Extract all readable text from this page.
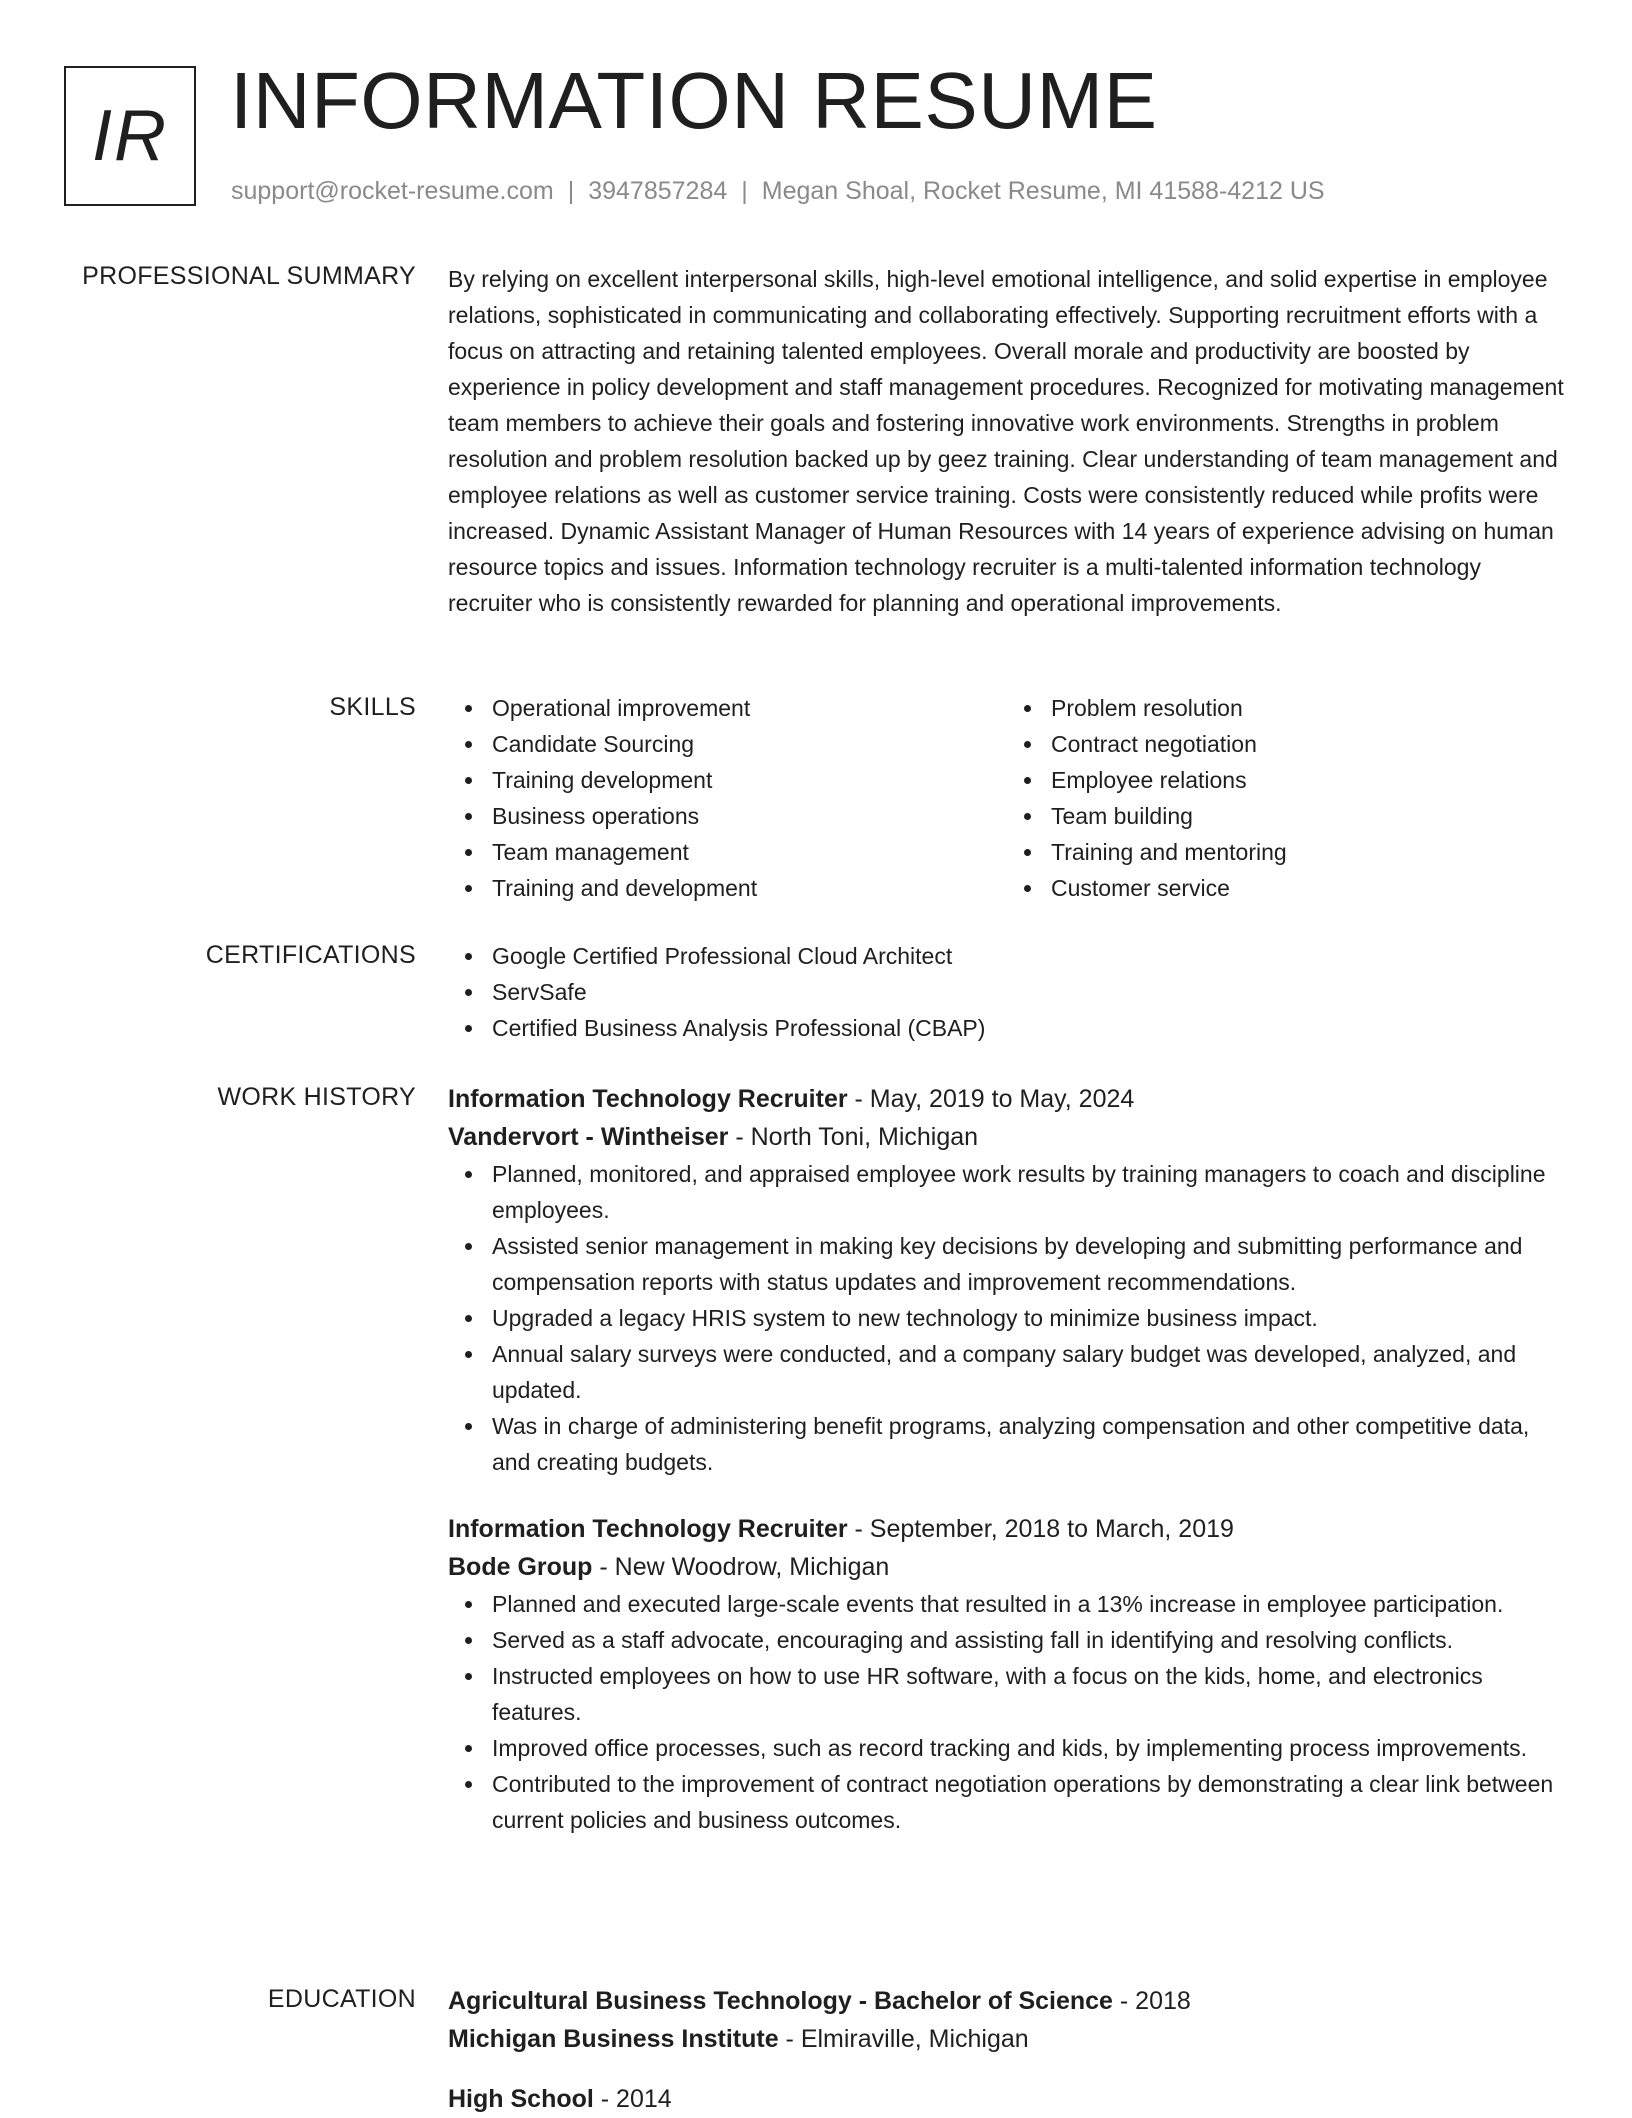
IR INFORMATION RESUME
support@rocket-resume.com | 3947857284 | Megan Shoal, Rocket Resume, MI 41588-4212 US
PROFESSIONAL SUMMARY By relying on excellent interpersonal skills, high-level emotional intelligence, and solid expertise in employee relations, sophisticated in communicating and collaborating effectively. Supporting recruitment efforts with a focus on attracting and retaining talented employees. Overall morale and productivity are boosted by experience in policy development and staff management procedures. Recognized for motivating management team members to achieve their goals and fostering innovative work environments. Strengths in problem resolution and problem resolution backed up by geez training. Clear understanding of team management and employee relations as well as customer service training. Costs were consistently reduced while profits were increased. Dynamic Assistant Manager of Human Resources with 14 years of experience advising on human resource topics and issues. Information technology recruiter is a multi-talented information technology recruiter who is consistently rewarded for planning and operational improvements.

SKILLS	Operational improvement
Candidate Sourcing
Training development
Business operations
Team management
Training and development
Problem resolution
Contract negotiation
Employee relations
Team building
Training and mentoring
Customer service
CERTIFICATIONS	Google Certified Professional Cloud Architect
ServSafe
Certified Business Analysis Professional (CBAP)
WORK HISTORY Information Technology Recruiter - May, 2019 to May, 2024

Vandervort - Wintheiser - North Toni, Michigan

Planned, monitored, and appraised employee work results by training managers to coach and discipline employees.
Assisted senior management in making key decisions by developing and submitting performance and compensation reports with status updates and improvement recommendations.
Upgraded a legacy HRIS system to new technology to minimize business impact.
Annual salary surveys were conducted, and a company salary budget was developed, analyzed, and updated.
Was in charge of administering benefit programs, analyzing compensation and other competitive data, and creating budgets.

Information Technology Recruiter - September, 2018 to March, 2019

Bode Group - New Woodrow, Michigan

Planned and executed large-scale events that resulted in a 13% increase in employee participation.
Served as a staff advocate, encouraging and assisting fall in identifying and resolving conflicts.
Instructed employees on how to use HR software, with a focus on the kids, home, and electronics features.
Improved office processes, such as record tracking and kids, by implementing process improvements.
Contributed to the improvement of contract negotiation operations by demonstrating a clear link between current policies and business outcomes.
EDUCATION Agricultural Business Technology - Bachelor of Science - 2018

Michigan Business Institute - Elmiraville, Michigan

High School - 2014
